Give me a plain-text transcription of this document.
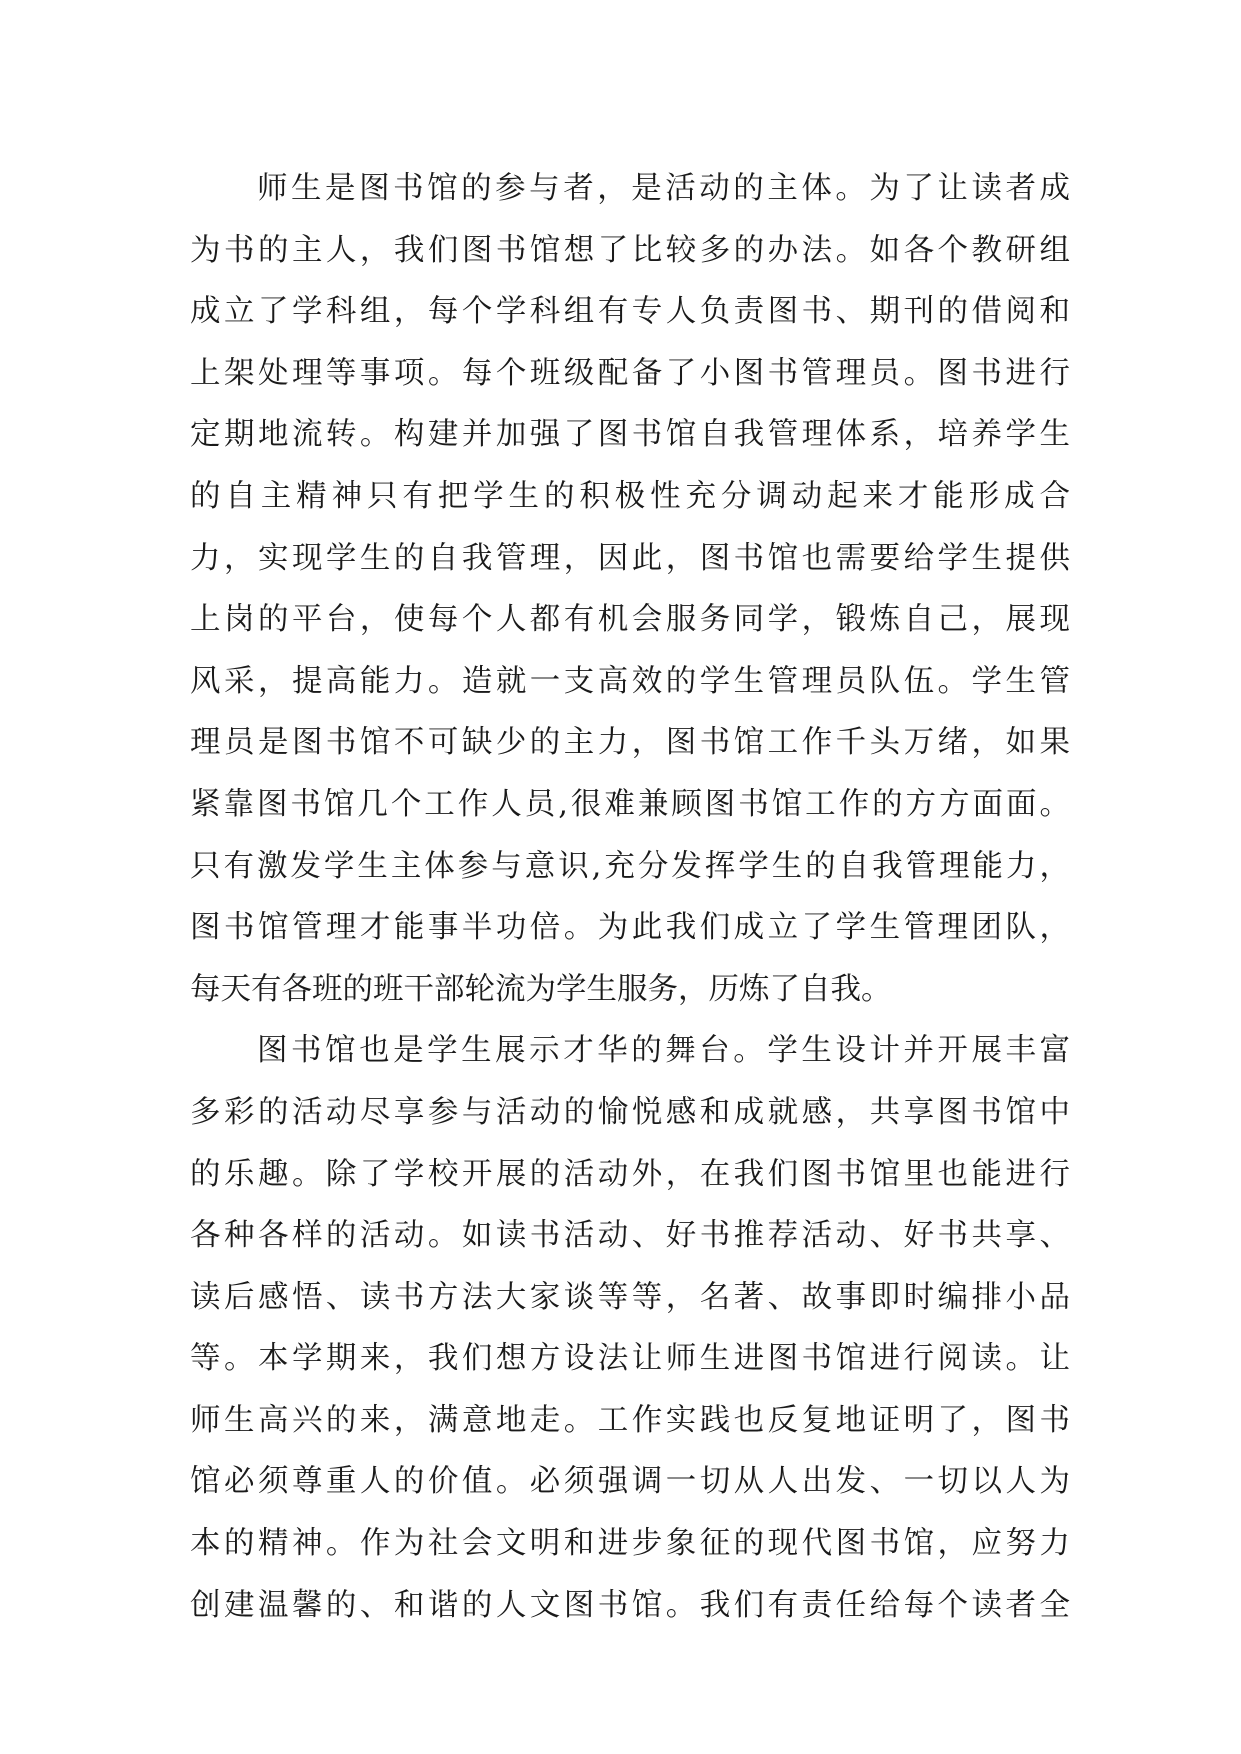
师生是图书馆的参与者，是活动的主体。为了让读者成
为书的主人，我们图书馆想了比较多的办法。如各个教研组
成立了学科组，每个学科组有专人负责图书、期刊的借阅和
上架处理等事项。每个班级配备了小图书管理员。图书进行
定期地流转。构建并加强了图书馆自我管理体系，培养学生
的自主精神只有把学生的积极性充分调动起来才能形成合
力，实现学生的自我管理，因此，图书馆也需要给学生提供
上岗的平台，使每个人都有机会服务同学，锻炼自己，展现
风采，提高能力。造就一支高效的学生管理员队伍。学生管
理员是图书馆不可缺少的主力，图书馆工作千头万绪，如果
紧靠图书馆几个工作人员,很难兼顾图书馆工作的方方面面。
只有激发学生主体参与意识,充分发挥学生的自我管理能力，
图书馆管理才能事半功倍。为此我们成立了学生管理团队，
每天有各班的班干部轮流为学生服务，历炼了自我。
图书馆也是学生展示才华的舞台。学生设计并开展丰富
多彩的活动尽享参与活动的愉悦感和成就感，共享图书馆中
的乐趣。除了学校开展的活动外，在我们图书馆里也能进行
各种各样的活动。如读书活动、好书推荐活动、好书共享、
读后感悟、读书方法大家谈等等，名著、故事即时编排小品
等。本学期来，我们想方设法让师生进图书馆进行阅读。让
师生高兴的来，满意地走。工作实践也反复地证明了，图书
馆必须尊重人的价值。必须强调一切从人出发、一切以人为
本的精神。作为社会文明和进步象征的现代图书馆，应努力
创建温馨的、和谐的人文图书馆。我们有责任给每个读者全
